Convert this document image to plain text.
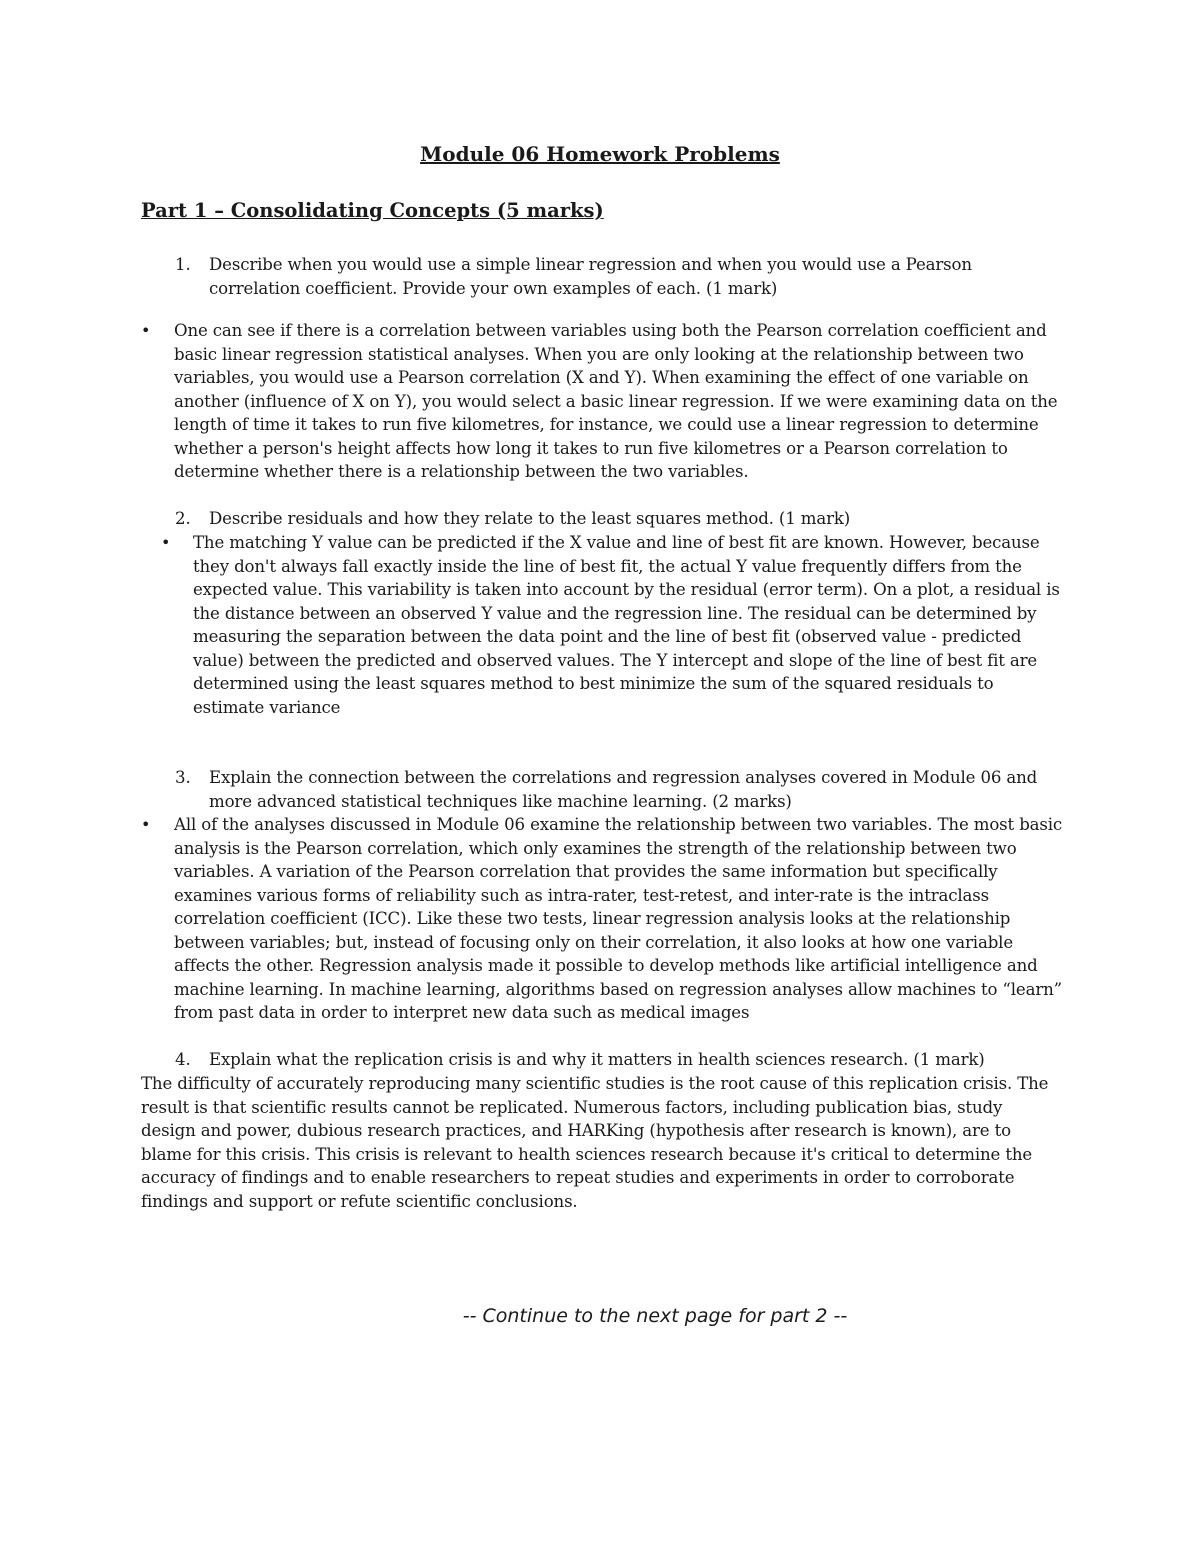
Module 06 Homework Problems
Part 1 – Consolidating Concepts (5 marks)
1. Describe when you would use a simple linear regression and when you would use a Pearson correlation coefficient. Provide your own examples of each. (1 mark)
• One can see if there is a correlation between variables using both the Pearson correlation coefficient and basic linear regression statistical analyses. When you are only looking at the relationship between two variables, you would use a Pearson correlation (X and Y). When examining the effect of one variable on another (influence of X on Y), you would select a basic linear regression. If we were examining data on the length of time it takes to run five kilometres, for instance, we could use a linear regression to determine whether a person's height affects how long it takes to run five kilometres or a Pearson correlation to determine whether there is a relationship between the two variables.
2. Describe residuals and how they relate to the least squares method. (1 mark)
• The matching Y value can be predicted if the X value and line of best fit are known. However, because they don't always fall exactly inside the line of best fit, the actual Y value frequently differs from the expected value. This variability is taken into account by the residual (error term). On a plot, a residual is the distance between an observed Y value and the regression line. The residual can be determined by measuring the separation between the data point and the line of best fit (observed value - predicted value) between the predicted and observed values. The Y intercept and slope of the line of best fit are determined using the least squares method to best minimize the sum of the squared residuals to estimate variance
3. Explain the connection between the correlations and regression analyses covered in Module 06 and more advanced statistical techniques like machine learning. (2 marks)
• All of the analyses discussed in Module 06 examine the relationship between two variables. The most basic analysis is the Pearson correlation, which only examines the strength of the relationship between two variables. A variation of the Pearson correlation that provides the same information but specifically examines various forms of reliability such as intra-rater, test-retest, and inter-rate is the intraclass correlation coefficient (ICC). Like these two tests, linear regression analysis looks at the relationship between variables; but, instead of focusing only on their correlation, it also looks at how one variable affects the other. Regression analysis made it possible to develop methods like artificial intelligence and machine learning. In machine learning, algorithms based on regression analyses allow machines to “learn” from past data in order to interpret new data such as medical images
4. Explain what the replication crisis is and why it matters in health sciences research. (1 mark)
The difficulty of accurately reproducing many scientific studies is the root cause of this replication crisis. The result is that scientific results cannot be replicated. Numerous factors, including publication bias, study design and power, dubious research practices, and HARKing (hypothesis after research is known), are to blame for this crisis. This crisis is relevant to health sciences research because it's critical to determine the accuracy of findings and to enable researchers to repeat studies and experiments in order to corroborate findings and support or refute scientific conclusions.
-- Continue to the next page for part 2 --
